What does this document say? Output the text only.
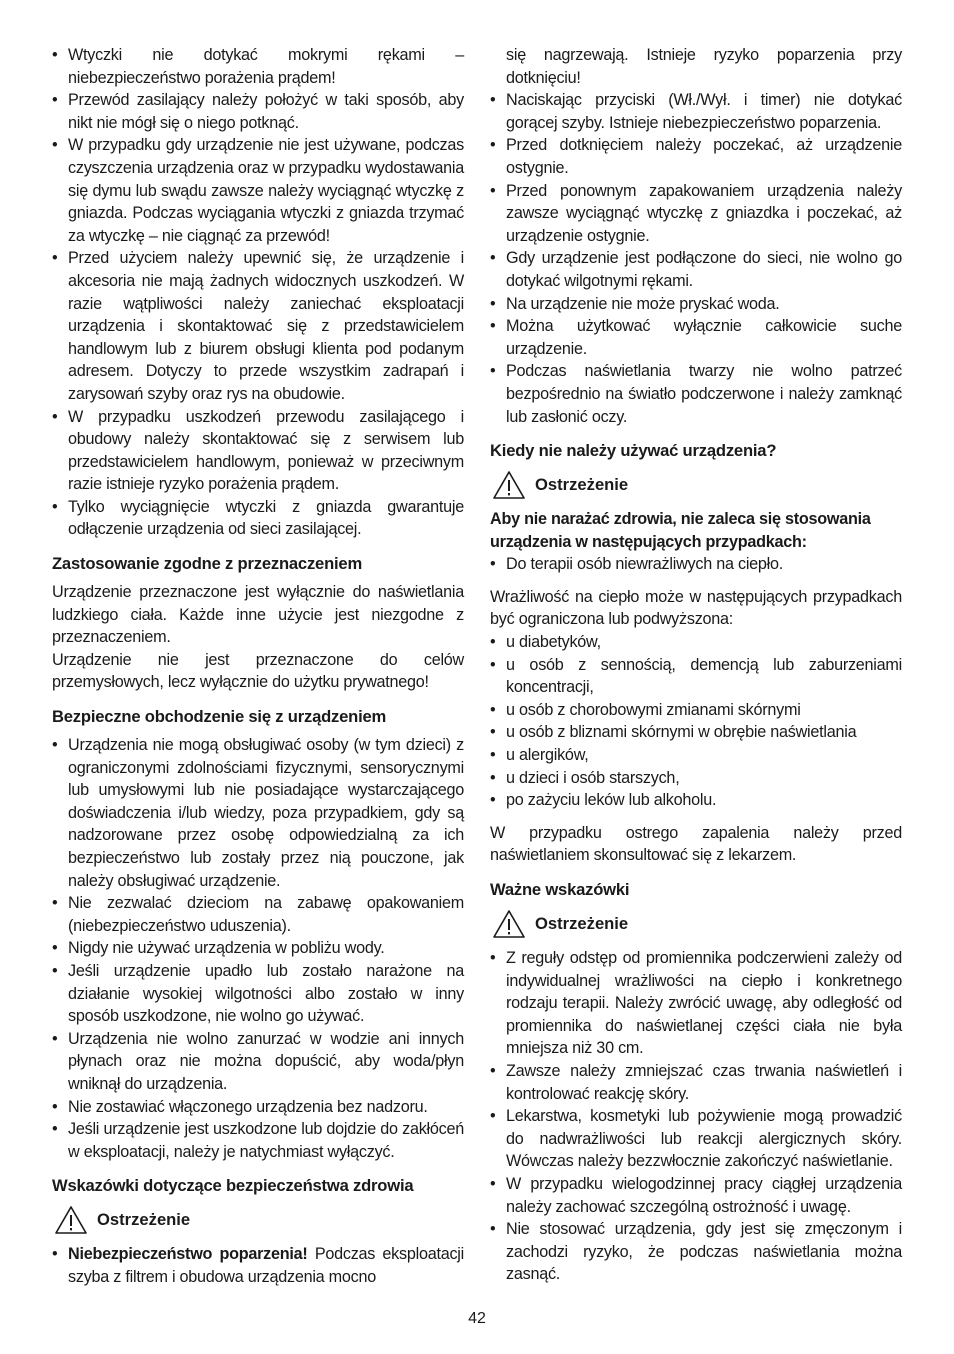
• Wtyczki nie dotykać mokrymi rękami – niebezpieczeństwo porażenia prądem!
• Przewód zasilający należy położyć w taki sposób, aby nikt nie mógł się o niego potknąć.
• W przypadku gdy urządzenie nie jest używane, podczas czyszczenia urządzenia oraz w przypadku wydostawania się dymu lub swądu zawsze należy wyciągnąć wtyczkę z gniazda. Podczas wyciągania wtyczki z gniazda trzymać za wtyczkę – nie ciągnąć za przewód!
• Przed użyciem należy upewnić się, że urządzenie i akcesoria nie mają żadnych widocznych uszkodzeń. W razie wątpliwości należy zaniechać eksploatacji urządzenia i skontaktować się z przedstawicielem handlowym lub z biurem obsługi klienta pod podanym adresem. Dotyczy to przede wszystkim zadrapań i zarysowań szyby oraz rys na obudowie.
• W przypadku uszkodzeń przewodu zasilającego i obudowy należy skontaktować się z serwisem lub przedstawicielem handlowym, ponieważ w przeciwnym razie istnieje ryzyko porażenia prądem.
• Tylko wyciągnięcie wtyczki z gniazda gwarantuje odłączenie urządzenia od sieci zasilającej.
Zastosowanie zgodne z przeznaczeniem

Urządzenie przeznaczone jest wyłącznie do naświetlania ludzkiego ciała. Każde inne użycie jest niezgodne z przeznaczeniem.

Urządzenie nie jest przeznaczone do celów przemysłowych, lecz wyłącznie do użytku prywatnego!

Bezpieczne obchodzenie się z urządzeniem
• Urządzenia nie mogą obsługiwać osoby (w tym dzieci) z ograniczonymi zdolnościami fizycznymi, sensorycznymi lub umysłowymi lub nie posiadające wystarczającego doświadczenia i/lub wiedzy, poza przypadkiem, gdy są nadzorowane przez osobę odpowiedzialną za ich bezpieczeństwo lub zostały przez nią pouczone, jak należy obsługiwać urządzenie.
• Nie zezwalać dzieciom na zabawę opakowaniem (niebezpieczeństwo uduszenia).
• Nigdy nie używać urządzenia w pobliżu wody.
• Jeśli urządzenie upadło lub zostało narażone na działanie wysokiej wilgotności albo zostało w inny sposób uszkodzone, nie wolno go używać.
• Urządzenia nie wolno zanurzać w wodzie ani innych płynach oraz nie można dopuścić, aby woda/płyn wniknął do urządzenia.
• Nie zostawiać włączonego urządzenia bez nadzoru.
• Jeśli urządzenie jest uszkodzone lub dojdzie do zakłóceń w eksploatacji, należy je natychmiast wyłączyć.
Wskazówki dotyczące bezpieczeństwa zdrowia
Ostrzeżenie
• Niebezpieczeństwo poparzenia! Podczas eksploatacji szyba z filtrem i obudowa urządzenia mocno

się nagrzewają. Istnieje ryzyko poparzenia przy dotknięciu!

• Naciskając przyciski (Wł./Wył. i timer) nie dotykać gorącej szyby. Istnieje niebezpieczeństwo poparzenia.
• Przed dotknięciem należy poczekać, aż urządzenie ostygnie.
• Przed ponownym zapakowaniem urządzenia należy zawsze wyciągnąć wtyczkę z gniazdka i poczekać, aż urządzenie ostygnie.
• Gdy urządzenie jest podłączone do sieci, nie wolno go dotykać wilgotnymi rękami.
• Na urządzenie nie może pryskać woda.
• Można użytkować wyłącznie całkowicie suche urządzenie.
• Podczas naświetlania twarzy nie wolno patrzeć bezpośrednio na światło podczerwone i należy zamknąć lub zasłonić oczy.
Kiedy nie należy używać urządzenia?
Ostrzeżenie

Aby nie narażać zdrowia, nie zaleca się stosowania urządzenia w następujących przypadkach:

• Do terapii osób niewrażliwych na ciepło.

Wrażliwość na ciepło może w następujących przypadkach być ograniczona lub podwyższona:

• u diabetyków,
• u osób z sennością, demencją lub zaburzeniami koncentracji,
• u osób z chorobowymi zmianami skórnymi
• u osób z bliznami skórnymi w obrębie naświetlania
• u alergików,
• u dzieci i osób starszych,
• po zażyciu leków lub alkoholu.

W przypadku ostrego zapalenia należy przed naświetlaniem skonsultować się z lekarzem.

Ważne wskazówki
Ostrzeżenie
• Z reguły odstęp od promiennika podczerwieni zależy od indywidualnej wrażliwości na ciepło i konkretnego rodzaju terapii. Należy zwrócić uwagę, aby odległość od promiennika do naświetlanej części ciała nie była mniejsza niż 30 cm.
• Zawsze należy zmniejszać czas trwania naświetleń i kontrolować reakcję skóry.
• Lekarstwa, kosmetyki lub pożywienie mogą prowadzić do nadwrażliwości lub reakcji alergicznych skóry. Wówczas należy bezzwłocznie zakończyć naświetlanie.
• W przypadku wielogodzinnej pracy ciągłej urządzenia należy zachować szczególną ostrożność i uwagę.
• Nie stosować urządzenia, gdy jest się zmęczonym i zachodzi ryzyko, że podczas naświetlania można zasnąć.
42
